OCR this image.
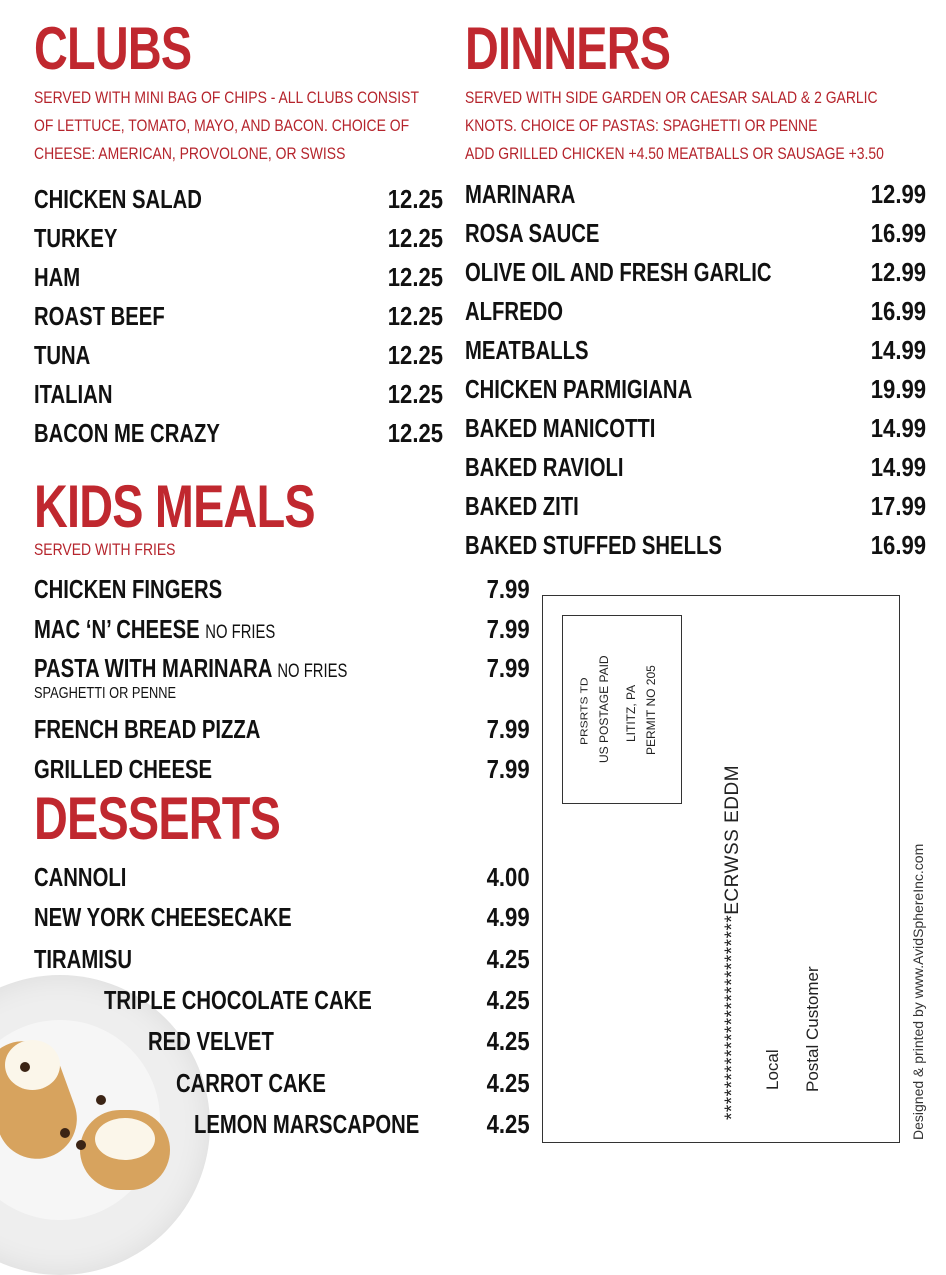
CLUBS
SERVED WITH MINI BAG OF CHIPS - ALL CLUBS CONSIST
OF LETTUCE, TOMATO, MAYO, AND BACON. CHOICE OF
CHEESE: AMERICAN, PROVOLONE, OR SWISS
CHICKEN SALAD	12.25
TURKEY	12.25
HAM	12.25
ROAST BEEF	12.25
TUNA	12.25
ITALIAN	12.25
BACON ME CRAZY	12.25
KIDS MEALS
SERVED WITH FRIES
CHICKEN FINGERS	7.99
MAC ‘N’ CHEESE NO FRIES	7.99
PASTA WITH MARINARA NO FRIES	7.99
SPAGHETTI OR PENNE
FRENCH BREAD PIZZA	7.99
GRILLED CHEESE	7.99
DESSERTS
CANNOLI	4.00
NEW YORK CHEESECAKE	4.99
TIRAMISU	4.25
TRIPLE CHOCOLATE CAKE	4.25
RED VELVET	4.25
CARROT CAKE	4.25
LEMON MARSCAPONE	4.25
DINNERS
SERVED WITH SIDE GARDEN OR CAESAR SALAD & 2 GARLIC
KNOTS. CHOICE OF PASTAS: SPAGHETTI OR PENNE
ADD GRILLED CHICKEN +4.50 MEATBALLS OR SAUSAGE +3.50
MARINARA	12.99
ROSA SAUCE	16.99
OLIVE OIL AND FRESH GARLIC	12.99
ALFREDO	16.99
MEATBALLS	14.99
CHICKEN PARMIGIANA	19.99
BAKED MANICOTTI	14.99
BAKED RAVIOLI	14.99
BAKED ZITI	17.99
BAKED STUFFED SHELLS	16.99
PRSRTS TD US POSTAGE PAID LITITZ, PA PERMIT NO 205
**************************ECRWSS EDDM Local Postal Customer	Designed & printed by www.AvidSphereInc.com
